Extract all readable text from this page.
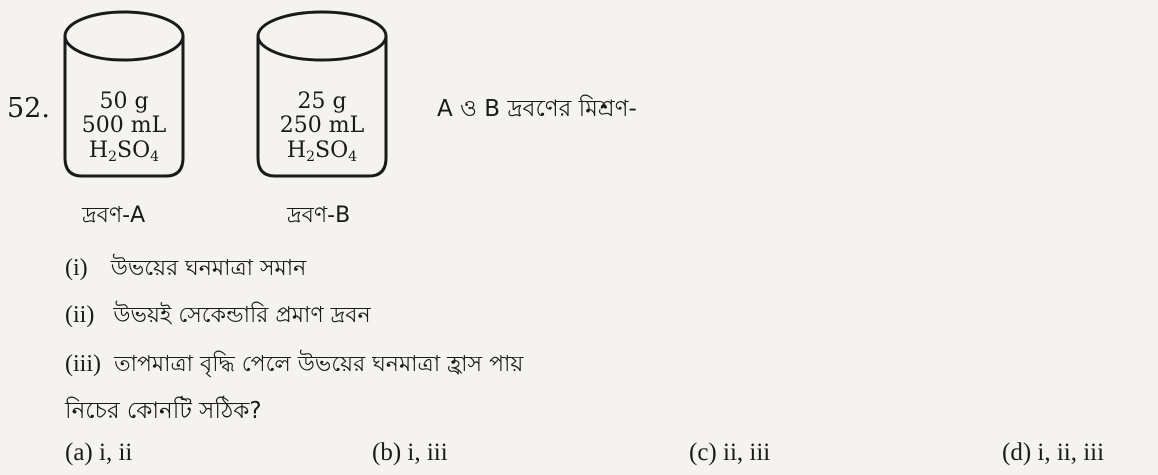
52.	50 g
500 mL
$H_2SO_4$
দ্রবণ-A
25 g
250 mL
$H_2SO_4$
দ্রবণ-B
A ও B দ্রবণের মিশ্রণ-
(i) উভয়ের ঘনমাত্রা সমান
(ii) উভয়ই সেকেন্ডারি প্রমাণ দ্রবন
(iii) তাপমাত্রা বৃদ্ধি পেলে উভয়ের ঘনমাত্রা হ্রাস পায়
নিচের কোনটি সঠিক?
(a) i, ii	(b) i, iii	(c) ii, iii	(d) i, ii, iii
